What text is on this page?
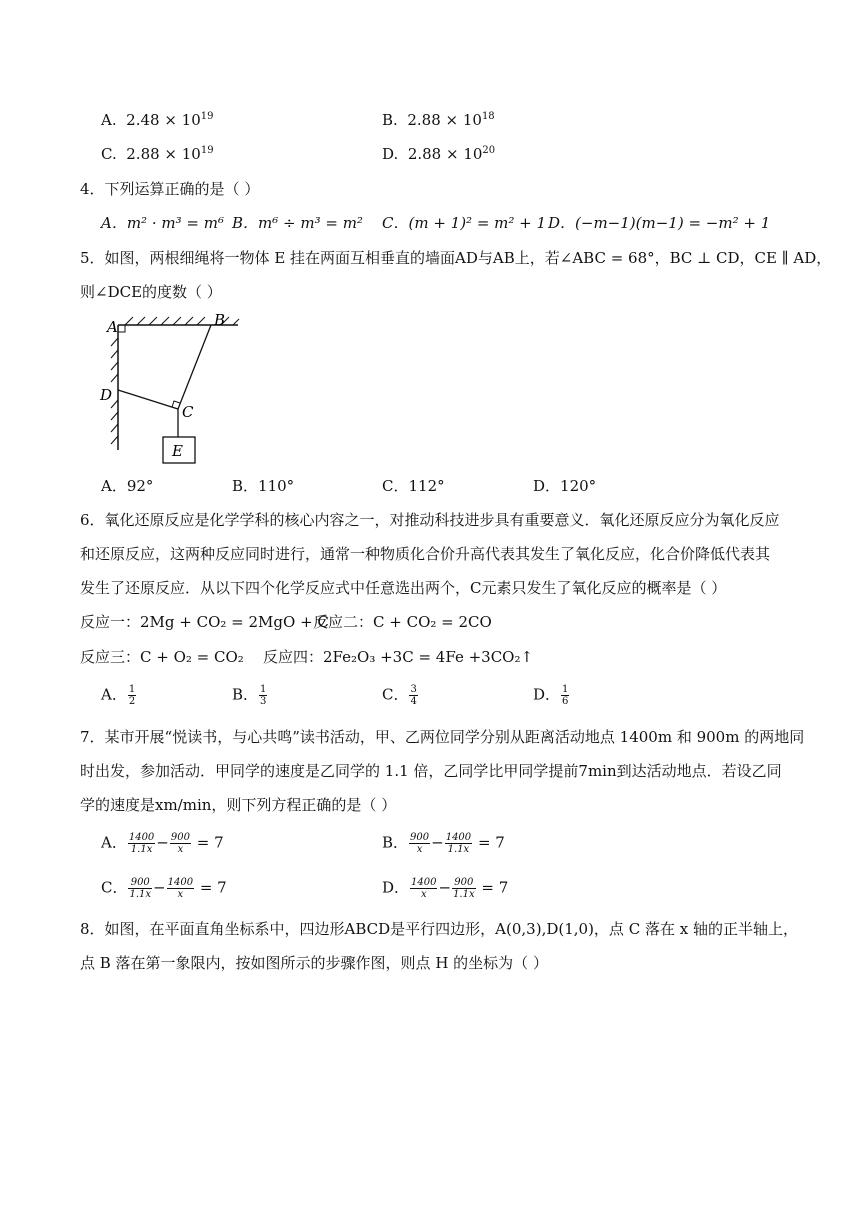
A. $2.48 \times 10^{19}$	B. $2.88 \times 10^{18}$
C. $2.88 \times 10^{19}$	D. $2.88 \times 10^{20}$
4．下列运算正确的是（ ）
A．m² · m³ = m⁶ B．m⁶ ÷ m³ = m² C．(m + 1)² = m² + 1 D．(−m−1)(m−1) = −m² + 1
5．如图，两根细绳将一物体 E 挂在两面互相垂直的墙面AD与AB上，若∠ABC = 68°，BC ⊥ CD，CE ∥ AD，
则∠DCE的度数（ ）
A	B
C
D
E
A．92°	B．110°	C．112°	D．120°
6．氧化还原反应是化学学科的核心内容之一，对推动科技进步具有重要意义．氧化还原反应分为氧化反应
和还原反应，这两种反应同时进行，通常一种物质化合价升高代表其发生了氧化反应，化合价降低代表其
发生了还原反应．从以下四个化学反应式中任意选出两个，C元素只发生了氧化反应的概率是（ ）
反应一：2Mg + CO₂ = 2MgO + C
反应二：C + CO₂ = 2CO
反应三：C + O₂ = CO₂ 反应四：2Fe₂O₃ +3C = 4Fe +3CO₂↑
A． $\frac{1}{2}$	B． $\frac{1}{3}$	C． $\frac{3}{4}$	D． $\frac{1}{6}$
7．某市开展“悦读书，与心共鸣”读书活动，甲、乙两位同学分别从距离活动地点 1400m 和 900m 的两地同
时出发，参加活动．甲同学的速度是乙同学的 1.1 倍，乙同学比甲同学提前7min到达活动地点．若设乙同
学的速度是xm/min，则下列方程正确的是（ ）
A． $\frac{1400}{1.1x} - \frac{900}{x} = 7$	B． $\frac{900}{x} - \frac{1400}{1.1x} = 7$
C． $\frac{900}{1.1x} - \frac{1400}{x} = 7$	D． $\frac{1400}{x} - \frac{900}{1.1x} = 7$
8．如图，在平面直角坐标系中，四边形ABCD是平行四边形，A(0,3),D(1,0)，点 C 落在 x 轴的正半轴上，
点 B 落在第一象限内，按如图所示的步骤作图，则点 H 的坐标为（ ）
